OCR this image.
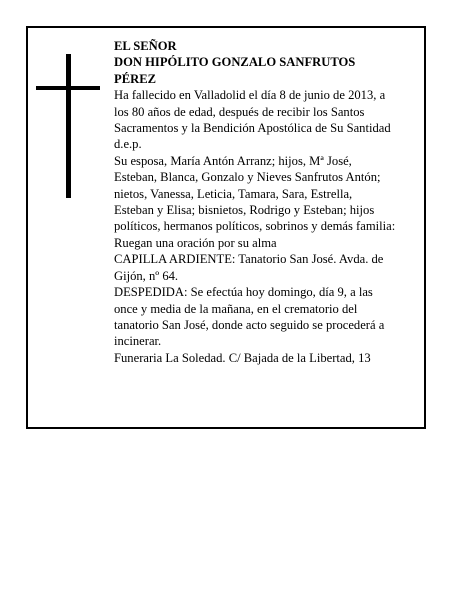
EL SEÑOR
DON HIPÓLITO GONZALO SANFRUTOS
PÉREZ
Ha fallecido en Valladolid el día 8 de junio de 2013, a
los 80 años de edad, después de recibir los Santos
Sacramentos y la Bendición Apostólica de Su Santidad
d.e.p.
Su esposa, María Antón Arranz; hijos, Mª José,
Esteban, Blanca, Gonzalo y Nieves Sanfrutos Antón;
nietos, Vanessa, Leticia, Tamara, Sara, Estrella,
Esteban y Elisa; bisnietos, Rodrigo y Esteban; hijos
políticos, hermanos políticos, sobrinos y demás familia:
Ruegan una oración por su alma
CAPILLA ARDIENTE: Tanatorio San José. Avda. de
Gijón, nº 64.
DESPEDIDA: Se efectúa hoy domingo, día 9, a las
once y media de la mañana, en el crematorio del
tanatorio San José, donde acto seguido se procederá a
incinerar.
Funeraria La Soledad. C/ Bajada de la Libertad, 13
